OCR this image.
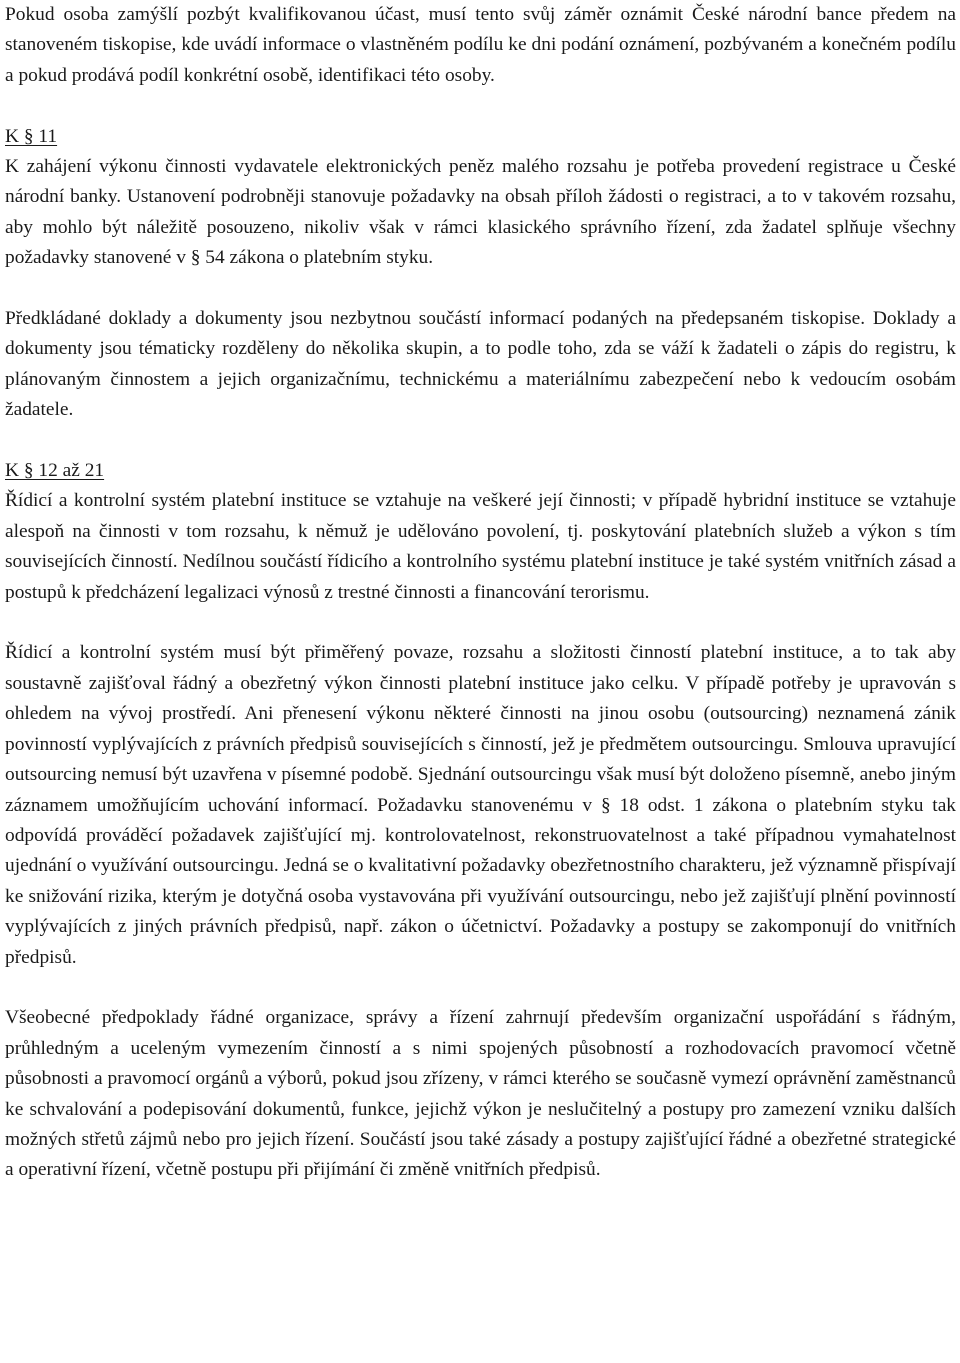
Pokud osoba zamýšlí pozbýt kvalifikovanou účast, musí tento svůj záměr oznámit České národní bance předem na stanoveném tiskopise, kde uvádí informace o vlastněném podílu ke dni podání oznámení, pozbývaném a konečném podílu a pokud prodává podíl konkrétní osobě, identifikaci této osoby.

K § 11

K zahájení výkonu činnosti vydavatele elektronických peněz malého rozsahu je potřeba provedení registrace u České národní banky. Ustanovení podrobněji stanovuje požadavky na obsah příloh žádosti o registraci, a to v takovém rozsahu, aby mohlo být náležitě posouzeno, nikoliv však v rámci klasického správního řízení, zda žadatel splňuje všechny požadavky stanovené v § 54 zákona o platebním styku.

Předkládané doklady a dokumenty jsou nezbytnou součástí informací podaných na předepsaném tiskopise. Doklady a dokumenty jsou tématicky rozděleny do několika skupin, a to podle toho, zda se váží k žadateli o zápis do registru, k plánovaným činnostem a jejich organizačnímu, technickému a materiálnímu zabezpečení nebo k vedoucím osobám žadatele.

K § 12 až 21

Řídicí a kontrolní systém platební instituce se vztahuje na veškeré její činnosti; v případě hybridní instituce se vztahuje alespoň na činnosti v tom rozsahu, k němuž je udělováno povolení, tj. poskytování platebních služeb a výkon s tím souvisejících činností. Nedílnou součástí řídicího a kontrolního systému platební instituce je také systém vnitřních zásad a postupů k předcházení legalizaci výnosů z trestné činnosti a financování terorismu.

Řídicí a kontrolní systém musí být přiměřený povaze, rozsahu a složitosti činností platební instituce, a to tak aby soustavně zajišťoval řádný a obezřetný výkon činnosti platební instituce jako celku. V případě potřeby je upravován s ohledem na vývoj prostředí. Ani přenesení výkonu některé činnosti na jinou osobu (outsourcing) neznamená zánik povinností vyplývajících z právních předpisů souvisejících s činností, jež je předmětem outsourcingu. Smlouva upravující outsourcing nemusí být uzavřena v písemné podobě. Sjednání outsourcingu však musí být doloženo písemně, anebo jiným záznamem umožňujícím uchování informací. Požadavku stanovenému v § 18 odst. 1 zákona o platebním styku tak odpovídá prováděcí požadavek zajišťující mj. kontrolovatelnost, rekonstruovatelnost a také případnou vymahatelnost ujednání o využívání outsourcingu. Jedná se o kvalitativní požadavky obezřetnostního charakteru, jež významně přispívají ke snižování rizika, kterým je dotyčná osoba vystavována při využívání outsourcingu, nebo jež zajišťují plnění povinností vyplývajících z jiných právních předpisů, např. zákon o účetnictví. Požadavky a postupy se zakomponují do vnitřních předpisů.

Všeobecné předpoklady řádné organizace, správy a řízení zahrnují především organizační uspořádání s řádným, průhledným a uceleným vymezením činností a s nimi spojených působností a rozhodovacích pravomocí včetně působnosti a pravomocí orgánů a výborů, pokud jsou zřízeny, v rámci kterého se současně vymezí oprávnění zaměstnanců ke schvalování a podepisování dokumentů, funkce, jejichž výkon je neslučitelný a postupy pro zamezení vzniku dalších možných střetů zájmů nebo pro jejich řízení. Součástí jsou také zásady a postupy zajišťující řádné a obezřetné strategické a operativní řízení, včetně postupu při přijímání či změně vnitřních předpisů.
